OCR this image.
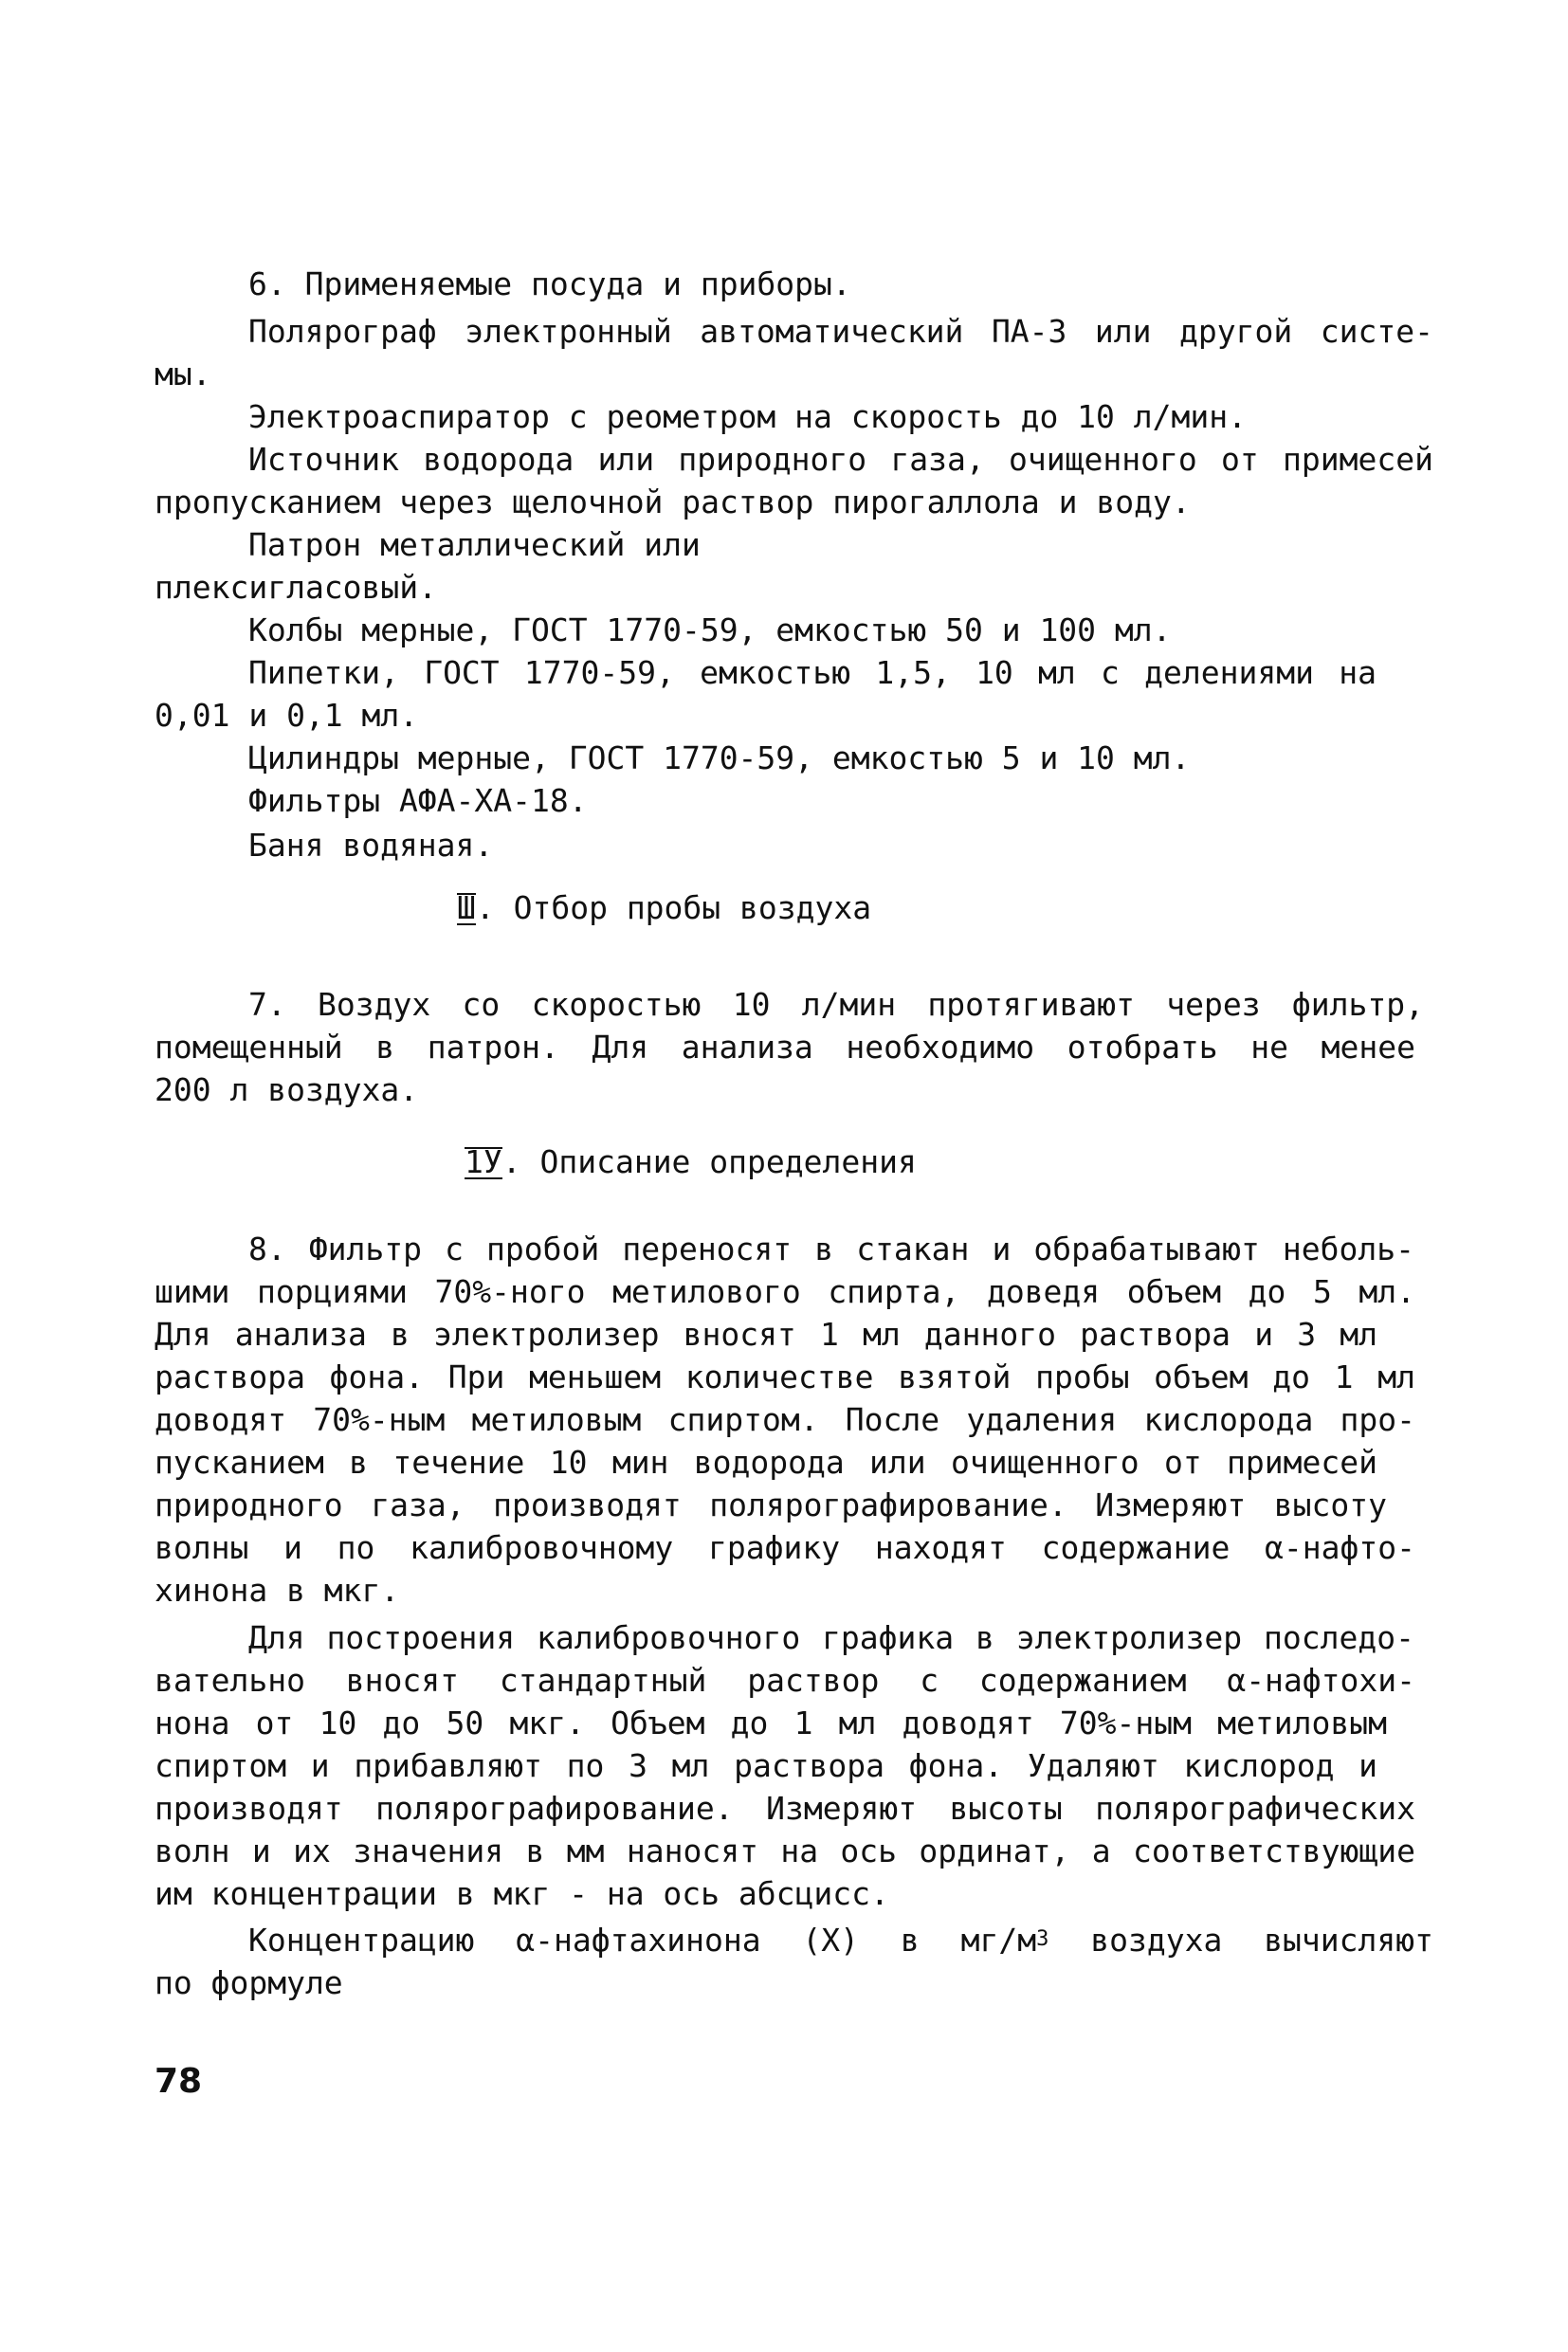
6. Применяемые посуда и приборы.
Полярограф электронный автоматический ПА-3 или другой систе-
мы.
Электроаспиратор с реометром на скорость до 10 л/мин.
Источник водорода или природного газа, очищенного от примесей
пропусканием через щелочной раствор пирогаллола и воду.
Патрон металлический или
плексигласовый.
Колбы мерные, ГОСТ 1770-59, емкостью 50 и 100 мл.
Пипетки, ГОСТ 1770-59, емкостью 1,5, 10 мл с делениями на
0,01 и 0,1 мл.
Цилиндры мерные, ГОСТ 1770-59, емкостью 5 и 10 мл.
Фильтры АФА-ХА-18.
Баня водяная.
7. Воздух со скоростью 10 л/мин протягивают через фильтр,
помещенный в патрон. Для анализа необходимо отобрать не менее
200 л воздуха.
8. Фильтр с пробой переносят в стакан и обрабатывают неболь-
шими порциями 70%-ного метилового спирта, доведя объем до 5 мл.
Для анализа в электролизер вносят 1 мл данного раствора и 3 мл
раствора фона. При меньшем количестве взятой пробы объем до 1 мл
доводят 70%-ным метиловым спиртом. После удаления кислорода про-
пусканием в течение 10 мин водорода или очищенного от примесей
природного газа, производят полярографирование. Измеряют высоту
волны и по калибровочному графику находят содержание α-нафто-
хинона в мкг.
Для построения калибровочного графика в электролизер последо-
вательно вносят стандартный раствор с содержанием α-нафтохи-
нона от 10 до 50 мкг. Объем до 1 мл доводят 70%-ным метиловым
спиртом и прибавляют по 3 мл раствора фона. Удаляют кислород и
производят полярографирование. Измеряют высоты полярографических
волн и их значения в мм наносят на ось ординат, а соответствующие
им концентрации в мкг - на ось абсцисс.
по формуле
Ш. Отбор пробы воздуха
1У. Описание определения
Концентрацию α-нафтахинона (X) в $мг/м^3$ воздуха вычисляют
78
